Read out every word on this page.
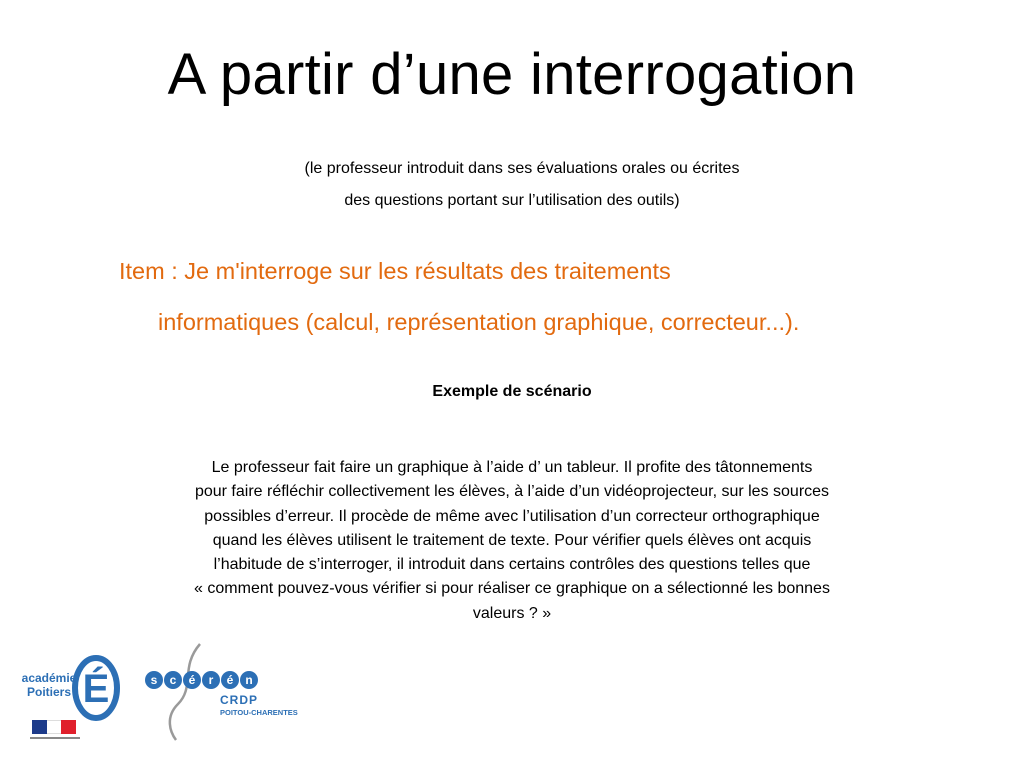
A partir d’une interrogation
(le professeur introduit dans ses évaluations orales ou écrites
des questions portant sur l’utilisation des outils)
Item : Je m'interroge sur les résultats des traitements
informatiques (calcul, représentation graphique, correcteur...).
Exemple de scénario
Le professeur fait faire un graphique à l’aide d’ un tableur. Il profite des tâtonnements
pour faire réfléchir collectivement les élèves, à l’aide d’un vidéoprojecteur, sur les sources
possibles d’erreur. Il procède de même avec l’utilisation d’un correcteur orthographique
quand les élèves utilisent le traitement de texte. Pour vérifier quels élèves ont acquis
l’habitude de s’interroger, il introduit dans certains contrôles des questions telles que
« comment pouvez-vous vérifier si pour réaliser ce graphique on a sélectionné les bonnes
valeurs ? »
É
académie
Poitiers
s c é r é n
CRDP
POITOU-CHARENTES
